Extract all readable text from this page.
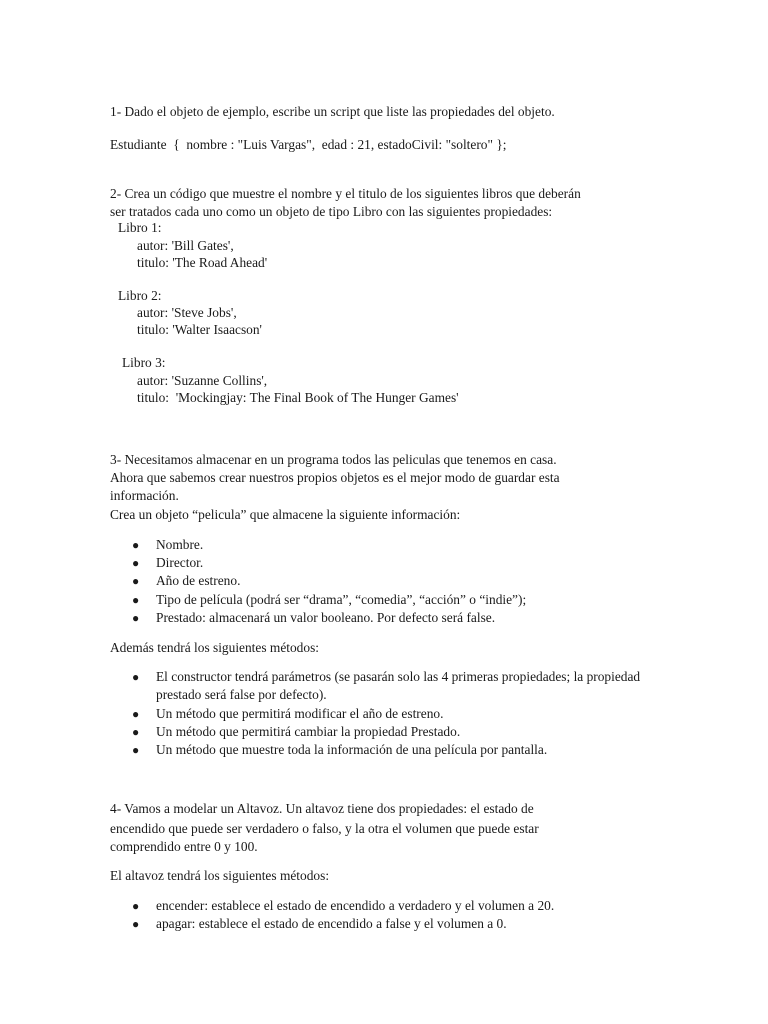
1- Dado el objeto de ejemplo, escribe un script que liste las propiedades del objeto.
Estudiante  {  nombre : "Luis Vargas",  edad : 21, estadoCivil: "soltero" };
2- Crea un código que muestre el nombre y el titulo de los siguientes libros que deberán
ser tratados cada uno como un objeto de tipo Libro con las siguientes propiedades:
Libro 1:
autor: 'Bill Gates',
titulo: 'The Road Ahead'
Libro 2:
autor: 'Steve Jobs',
titulo: 'Walter Isaacson'
Libro 3:
autor: 'Suzanne Collins',
titulo:  'Mockingjay: The Final Book of The Hunger Games'
3- Necesitamos almacenar en un programa todos las peliculas que tenemos en casa.
Ahora que sabemos crear nuestros propios objetos es el mejor modo de guardar esta
información.
Crea un objeto “pelicula” que almacene la siguiente información:
● Nombre.
● Director.
● Año de estreno.
● Tipo de película (podrá ser “drama”, “comedia”, “acción” o “indie”);
● Prestado: almacenará un valor booleano. Por defecto será false.
Además tendrá los siguientes métodos:
● El constructor tendrá parámetros (se pasarán solo las 4 primeras propiedades; la propiedad prestado será false por defecto).
● Un método que permitirá modificar el año de estreno.
● Un método que permitirá cambiar la propiedad Prestado.
● Un método que muestre toda la información de una película por pantalla.
4- Vamos a modelar un Altavoz. Un altavoz tiene dos propiedades: el estado de
encendido que puede ser verdadero o falso, y la otra el volumen que puede estar
comprendido entre 0 y 100.
El altavoz tendrá los siguientes métodos:
● encender: establece el estado de encendido a verdadero y el volumen a 20.
● apagar: establece el estado de encendido a false y el volumen a 0.
